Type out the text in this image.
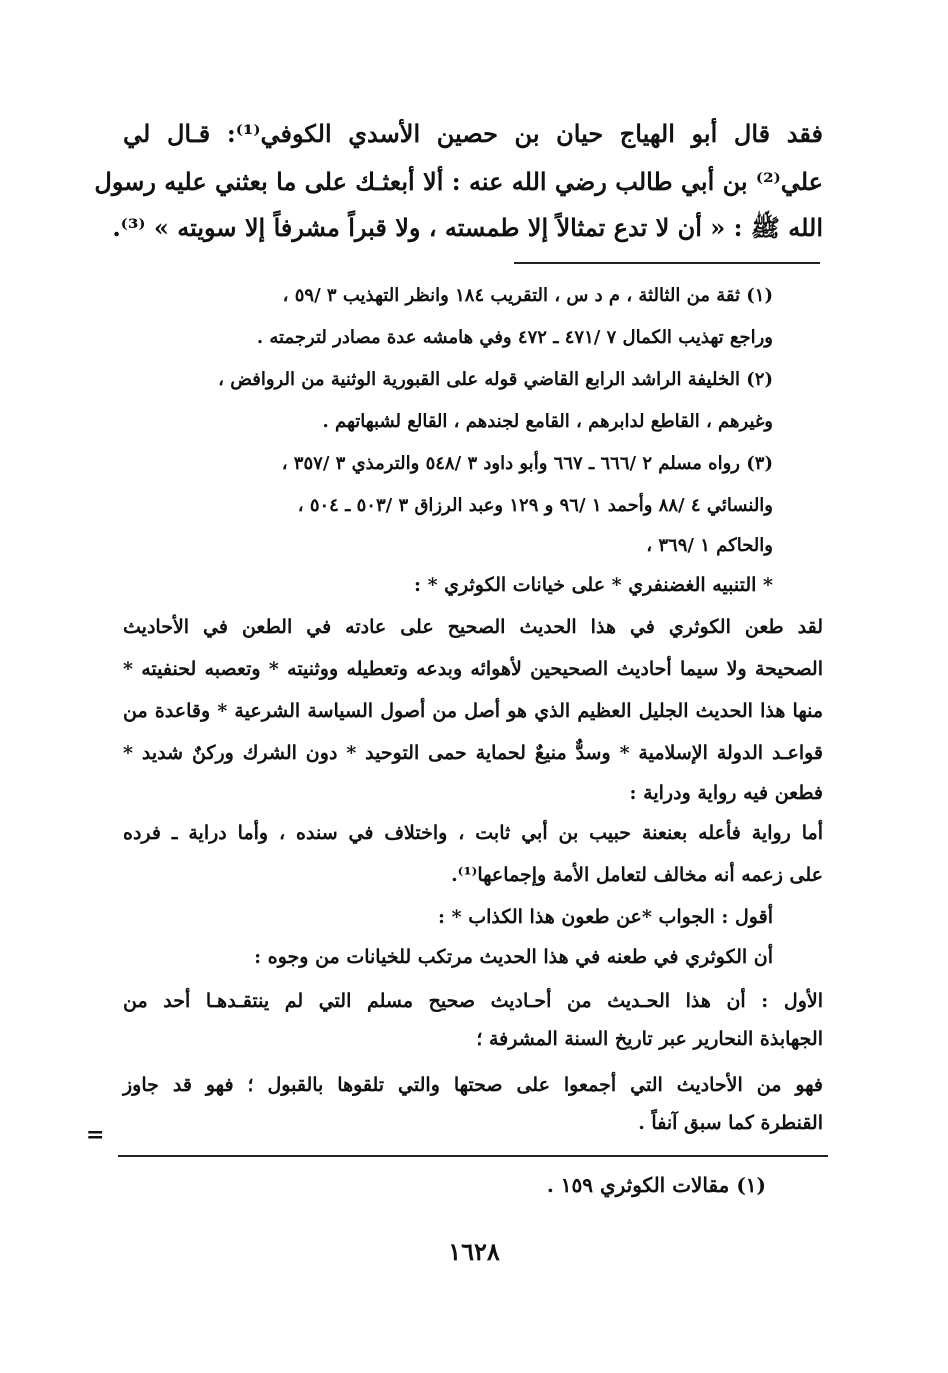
فقد قال أبو الهياج حيان بن حصين الأسدي الكوفي⁽¹⁾: قـال لي
علي⁽²⁾ بن أبي طالب رضي الله عنه : ألا أبعثـك على ما بعثني عليه رسول
الله ﷺ : « أن لا تدع تمثالاً إلا طمسته ، ولا قبراً مشرفاً إلا سويته » ⁽³⁾.
(١) ثقة من الثالثة ، م د س ، التقريب ١٨٤ وانظر التهذيب ٣ /٥٩ ،
وراجع تهذيب الكمال ٧ /٤٧١ ـ ٤٧٢ وفي هامشه عدة مصادر لترجمته .
(٢) الخليفة الراشد الرابع القاضي قوله على القبورية الوثنية من الروافض ،
وغيرهم ، القاطع لدابرهم ، القامع لجندهم ، القالع لشبهاتهم .
(٣) رواه مسلم ٢ /٦٦٦ ـ ٦٦٧ وأبو داود ٣ /٥٤٨ والترمذي ٣ /٣٥٧ ،
والنسائي ٤ /٨٨ وأحمد ١ /٩٦ و ١٢٩ وعبد الرزاق ٣ /٥٠٣ ـ ٥٠٤ ،
والحاكم ١ /٣٦٩ ،
* التنبيه الغضنفري * على خيانات الكوثري * :
لقد طعن الكوثري في هذا الحديث الصحيح على عادته في الطعن في الأحاديث
الصحيحة ولا سيما أحاديث الصحيحين لأهوائه وبدعه وتعطيله ووثنيته * وتعصبه لحنفيته *
منها هذا الحديث الجليل العظيم الذي هو أصل من أصول السياسة الشرعية * وقاعدة من
قواعـد الدولة الإسلامية * وسدٌّ منيعٌ لحماية حمى التوحيد * دون الشرك وركنٌ شديد *
فطعن فيه رواية ودراية :
أما رواية فأعله بعنعنة حبيب بن أبي ثابت ، واختلاف في سنده ، وأما دراية ـ فرده
على زعمه أنه مخالف لتعامل الأمة وإجماعها⁽¹⁾.
أقول : الجواب *عن طعون هذا الكذاب * :
أن الكوثري في طعنه في هذا الحديث مرتكب للخيانات من وجوه :
الأول : أن هذا الحـديث من أحـاديث صحيح مسلم التي لم ينتقـدهـا أحد من
الجهابذة النحارير عبر تاريخ السنة المشرفة ؛
فهو من الأحاديث التي أجمعوا على صحتها والتي تلقوها بالقبول ؛ فهو قد جاوز
القنطرة كما سبق آنفاً .
=
(١) مقالات الكوثري ١٥٩ .
١٦٢٨
